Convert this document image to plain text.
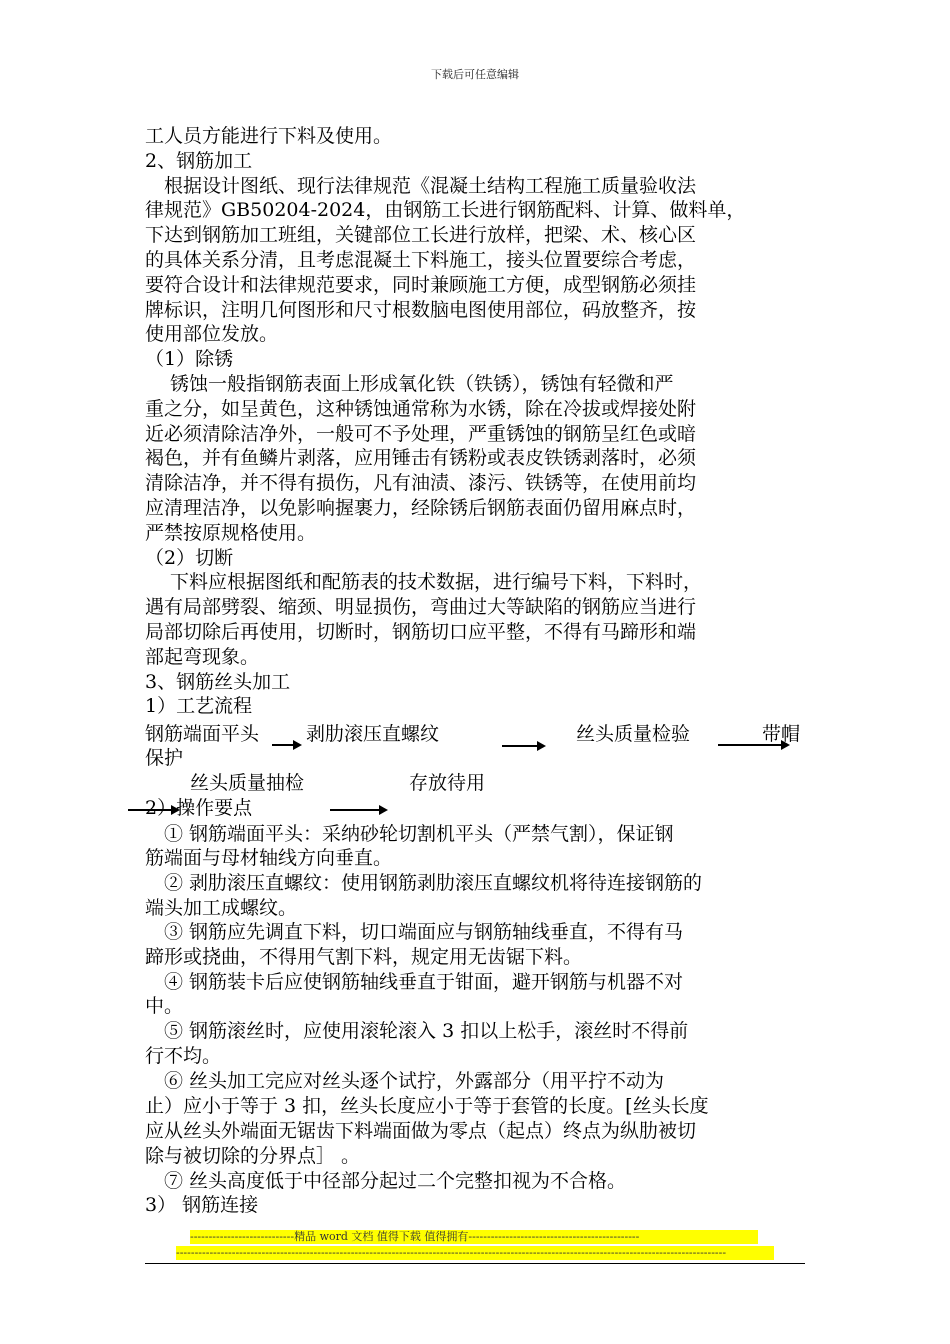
下载后可任意编辑
工人员方能进行下料及使用。
2、钢筋加工
　根据设计图纸、现行法律规范《混凝土结构工程施工质量验收法
律规范》GB50204-2024，由钢筋工长进行钢筋配料、计算、做料单，
下达到钢筋加工班组，关键部位工长进行放样，把梁、术、核心区
的具体关系分清，且考虑混凝土下料施工，接头位置要综合考虑，
要符合设计和法律规范要求，同时兼顾施工方便，成型钢筋必须挂
牌标识，注明几何图形和尺寸根数脑电图使用部位，码放整齐，按
使用部位发放。
（1）除锈
　 锈蚀一般指钢筋表面上形成氧化铁（铁锈），锈蚀有轻微和严
重之分，如呈黄色，这种锈蚀通常称为水锈，除在冷拔或焊接处附
近必须清除洁净外，一般可不予处理，严重锈蚀的钢筋呈红色或暗
褐色，并有鱼鳞片剥落，应用锤击有锈粉或表皮铁锈剥落时，必须
清除洁净，并不得有损伤，凡有油渍、漆污、铁锈等，在使用前均
应清理洁净，以免影响握裹力，经除锈后钢筋表面仍留用麻点时，
严禁按原规格使用。
（2）切断
　 下料应根据图纸和配筋表的技术数据，进行编号下料，下料时，
遇有局部劈裂、缩颈、明显损伤，弯曲过大等缺陷的钢筋应当进行
局部切除后再使用，切断时，钢筋切口应平整，不得有马蹄形和端
部起弯现象。
3、钢筋丝头加工
1）工艺流程
钢筋端面平头 剥肋滚压直螺纹	丝头质量检验	带帽
保护
丝头质量抽检	存放待用
2）操作要点
　① 钢筋端面平头：采纳砂轮切割机平头（严禁气割），保证钢
筋端面与母材轴线方向垂直。
　② 剥肋滚压直螺纹：使用钢筋剥肋滚压直螺纹机将待连接钢筋的
端头加工成螺纹。
　③ 钢筋应先调直下料，切口端面应与钢筋轴线垂直，不得有马
蹄形或挠曲，不得用气割下料，规定用无齿锯下料。
　④ 钢筋装卡后应使钢筋轴线垂直于钳面，避开钢筋与机器不对
中。
　⑤ 钢筋滚丝时，应使用滚轮滚入 3 扣以上松手，滚丝时不得前
行不均。
　⑥ 丝头加工完应对丝头逐个试拧，外露部分（用平拧不动为
止）应小于等于 3 扣，丝头长度应小于等于套管的长度。[丝头长度
应从丝头外端面无锯齿下料端面做为零点（起点）终点为纵肋被切
除与被切除的分界点］ 。
　⑦ 丝头高度低于中径部分起过二个完整扣视为不合格。
3） 钢筋连接
----------------------------精品 word 文档 值得下载 值得拥有----------------------------------------------
----------------------------------------------------------------------------------------------------------------------------------------------------
